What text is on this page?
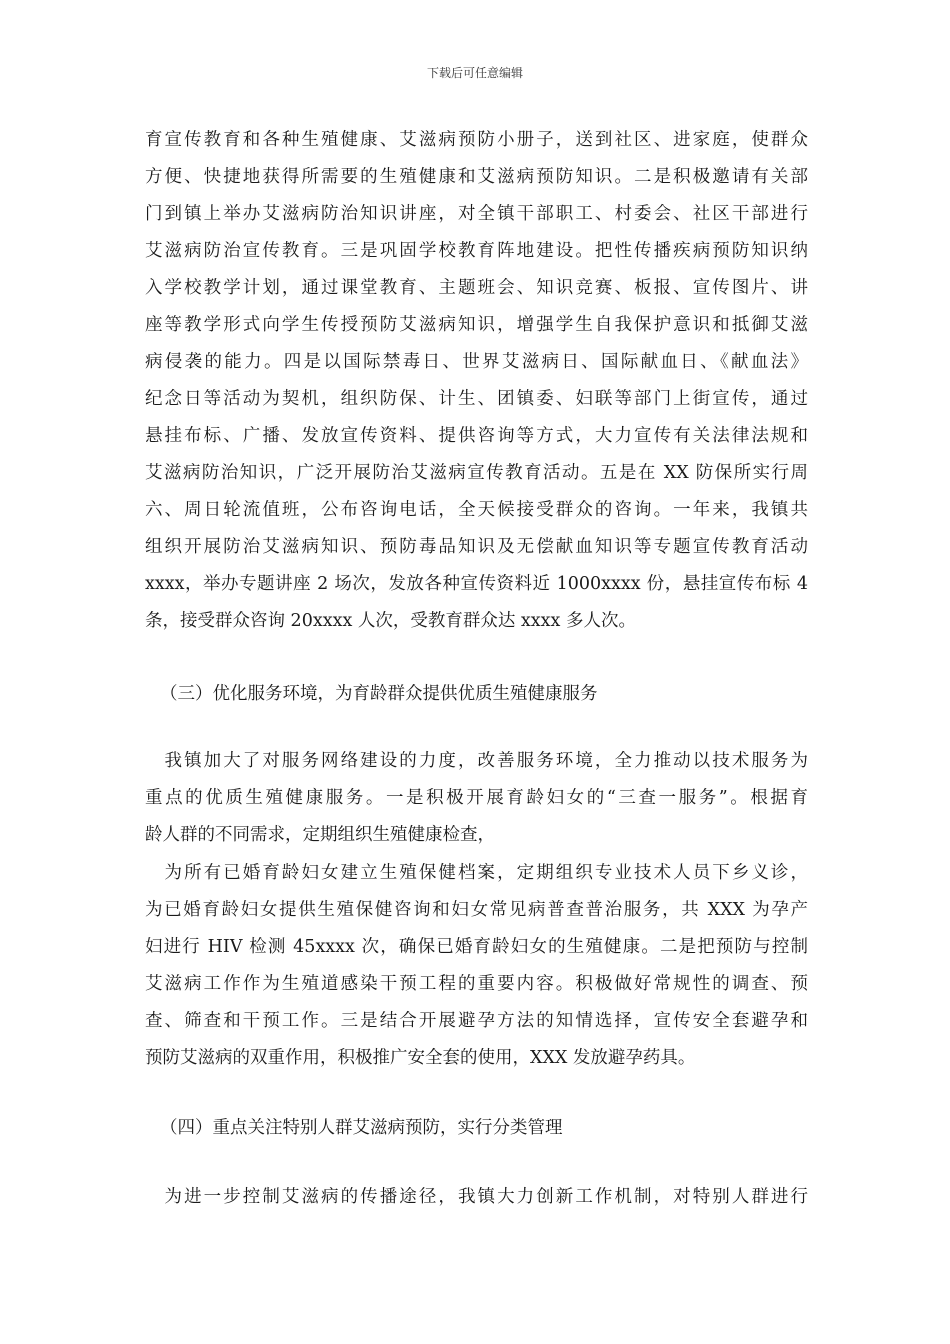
下载后可任意编辑
育宣传教育和各种生殖健康、艾滋病预防小册子，送到社区、进家庭，使群众
方便、快捷地获得所需要的生殖健康和艾滋病预防知识。二是积极邀请有关部
门到镇上举办艾滋病防治知识讲座，对全镇干部职工、村委会、社区干部进行
艾滋病防治宣传教育。三是巩固学校教育阵地建设。把性传播疾病预防知识纳
入学校教学计划，通过课堂教育、主题班会、知识竞赛、板报、宣传图片、讲
座等教学形式向学生传授预防艾滋病知识，增强学生自我保护意识和抵御艾滋
病侵袭的能力。四是以国际禁毒日、世界艾滋病日、国际献血日、《献血法》
纪念日等活动为契机，组织防保、计生、团镇委、妇联等部门上街宣传，通过
悬挂布标、广播、发放宣传资料、提供咨询等方式，大力宣传有关法律法规和
艾滋病防治知识，广泛开展防治艾滋病宣传教育活动。五是在 XX 防保所实行周
六、周日轮流值班，公布咨询电话，全天候接受群众的咨询。一年来，我镇共
组织开展防治艾滋病知识、预防毒品知识及无偿献血知识等专题宣传教育活动
xxxx，举办专题讲座 2 场次，发放各种宣传资料近 1000xxxx 份，悬挂宣传布标 4
条，接受群众咨询 20xxxx 人次，受教育群众达 xxxx 多人次。
（三）优化服务环境，为育龄群众提供优质生殖健康服务
　我镇加大了对服务网络建设的力度，改善服务环境，全力推动以技术服务为
重点的优质生殖健康服务。一是积极开展育龄妇女的“三查一服务”。根据育
龄人群的不同需求，定期组织生殖健康检查，
　为所有已婚育龄妇女建立生殖保健档案，定期组织专业技术人员下乡义诊，
为已婚育龄妇女提供生殖保健咨询和妇女常见病普查普治服务，共 XXX 为孕产
妇进行 HIV 检测 45xxxx 次，确保已婚育龄妇女的生殖健康。二是把预防与控制
艾滋病工作作为生殖道感染干预工程的重要内容。积极做好常规性的调查、预
查、筛查和干预工作。三是结合开展避孕方法的知情选择，宣传安全套避孕和
预防艾滋病的双重作用，积极推广安全套的使用，XXX 发放避孕药具。
（四）重点关注特别人群艾滋病预防，实行分类管理
　为进一步控制艾滋病的传播途径，我镇大力创新工作机制，对特别人群进行
